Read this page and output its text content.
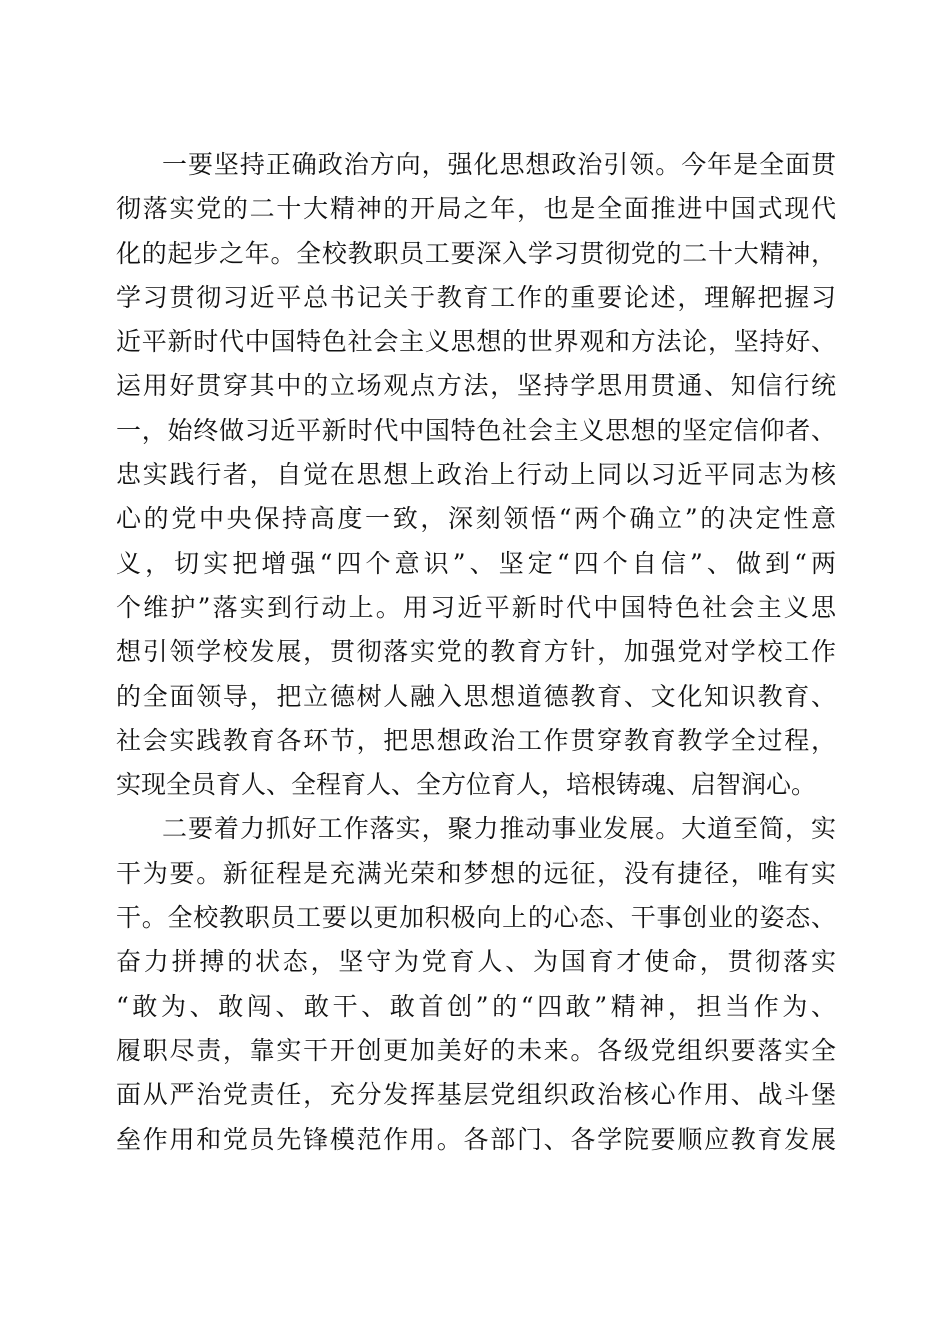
一要坚持正确政治方向，强化思想政治引领。今年是全面贯
彻落实党的二十大精神的开局之年，也是全面推进中国式现代
化的起步之年。全校教职员工要深入学习贯彻党的二十大精神，
学习贯彻习近平总书记关于教育工作的重要论述，理解把握习
近平新时代中国特色社会主义思想的世界观和方法论，坚持好、
运用好贯穿其中的立场观点方法，坚持学思用贯通、知信行统
一，始终做习近平新时代中国特色社会主义思想的坚定信仰者、
忠实践行者，自觉在思想上政治上行动上同以习近平同志为核
心的党中央保持高度一致，深刻领悟“两个确立”的决定性意
义，切实把增强“四个意识”、坚定“四个自信”、做到“两
个维护”落实到行动上。用习近平新时代中国特色社会主义思
想引领学校发展，贯彻落实党的教育方针，加强党对学校工作
的全面领导，把立德树人融入思想道德教育、文化知识教育、
社会实践教育各环节，把思想政治工作贯穿教育教学全过程，
实现全员育人、全程育人、全方位育人，培根铸魂、启智润心。
二要着力抓好工作落实，聚力推动事业发展。大道至简，实
干为要。新征程是充满光荣和梦想的远征，没有捷径，唯有实
干。全校教职员工要以更加积极向上的心态、干事创业的姿态、
奋力拼搏的状态，坚守为党育人、为国育才使命，贯彻落实
“敢为、敢闯、敢干、敢首创”的“四敢”精神，担当作为、
履职尽责，靠实干开创更加美好的未来。各级党组织要落实全
面从严治党责任，充分发挥基层党组织政治核心作用、战斗堡
垒作用和党员先锋模范作用。各部门、各学院要顺应教育发展
